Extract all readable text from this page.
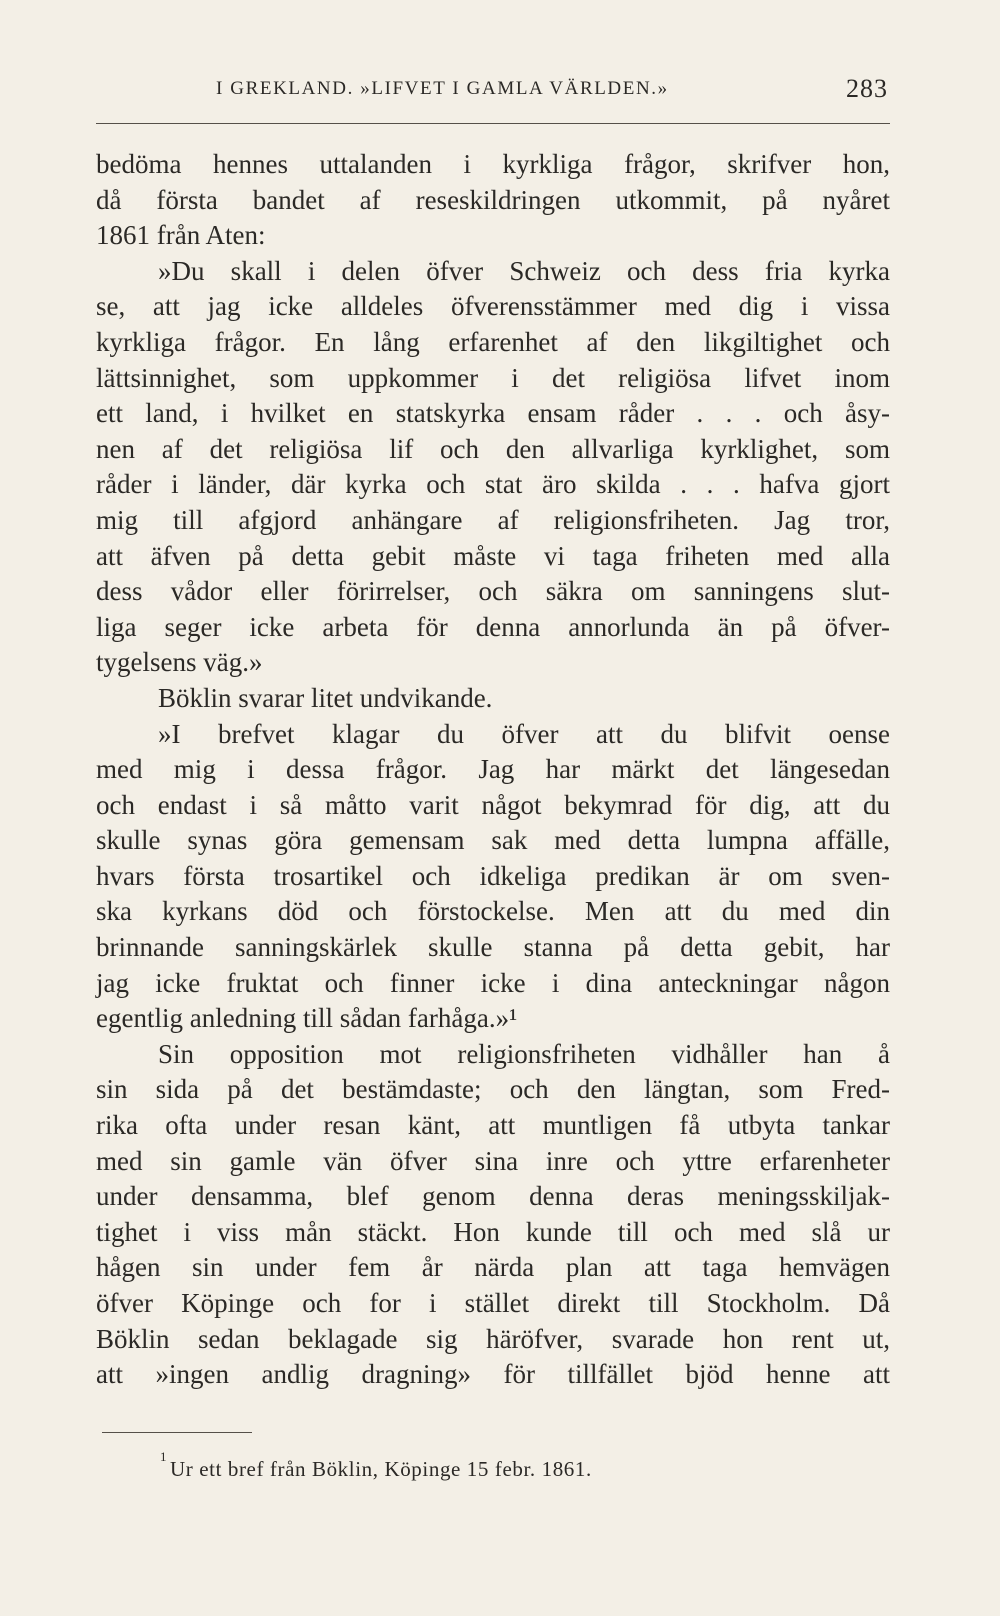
I GREKLAND. »LIFVET I GAMLA VÄRLDEN.»	283
bedöma hennes uttalanden i kyrkliga frågor, skrifver hon,
då första bandet af reseskildringen utkommit, på nyåret
1861 från Aten:
»Du skall i delen öfver Schweiz och dess fria kyrka
se, att jag icke alldeles öfverensstämmer med dig i vissa
kyrkliga frågor. En lång erfarenhet af den likgiltighet och
lättsinnighet, som uppkommer i det religiösa lifvet inom
ett land, i hvilket en statskyrka ensam råder . . . och åsy-
nen af det religiösa lif och den allvarliga kyrklighet, som
råder i länder, där kyrka och stat äro skilda . . . hafva gjort
mig till afgjord anhängare af religionsfriheten. Jag tror,
att äfven på detta gebit måste vi taga friheten med alla
dess vådor eller förirrelser, och säkra om sanningens slut-
liga seger icke arbeta för denna annorlunda än på öfver-
tygelsens väg.»
Böklin svarar litet undvikande.
»I brefvet klagar du öfver att du blifvit oense
med mig i dessa frågor. Jag har märkt det längesedan
och endast i så måtto varit något bekymrad för dig, att du
skulle synas göra gemensam sak med detta lumpna affälle,
hvars första trosartikel och idkeliga predikan är om sven-
ska kyrkans död och förstockelse. Men att du med din
brinnande sanningskärlek skulle stanna på detta gebit, har
jag icke fruktat och finner icke i dina anteckningar någon
egentlig anledning till sådan farhåga.»¹
Sin opposition mot religionsfriheten vidhåller han å
sin sida på det bestämdaste; och den längtan, som Fred-
rika ofta under resan känt, att muntligen få utbyta tankar
med sin gamle vän öfver sina inre och yttre erfarenheter
under densamma, blef genom denna deras meningsskiljak-
tighet i viss mån stäckt. Hon kunde till och med slå ur
hågen sin under fem år närda plan att taga hemvägen
öfver Köpinge och for i stället direkt till Stockholm. Då
Böklin sedan beklagade sig häröfver, svarade hon rent ut,
att »ingen andlig dragning» för tillfället bjöd henne att
1
Ur ett bref från Böklin, Köpinge 15 febr. 1861.
